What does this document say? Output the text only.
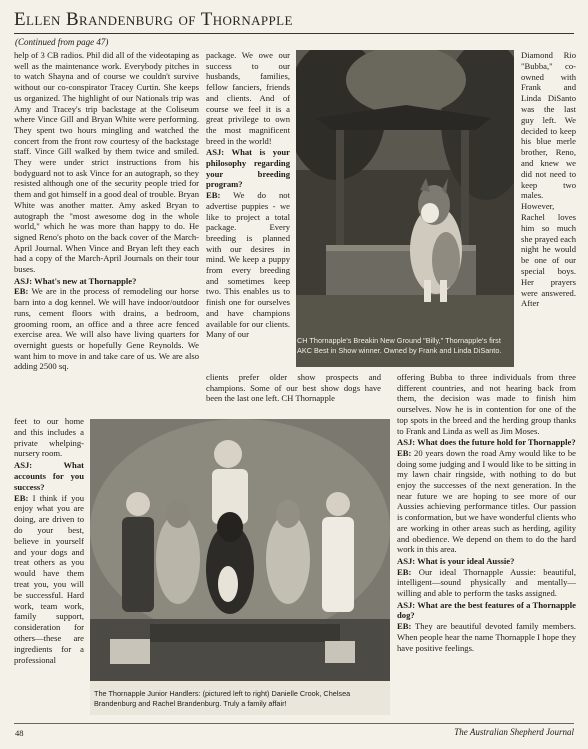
Ellen Brandenburg of Thornapple
(Continued from page 47)

help of 3 CB radios. Phil did all of the videotaping as well as the maintenance work. Everybody pitches in to watch Shayna and of course we couldn't survive without our co-conspirator Tracey Curtin. She keeps us organized. The highlight of our Nationals trip was Amy and Tracey's trip backstage at the Coliseum where Vince Gill and Bryan White were performing. They spent two hours mingling and watched the concert from the front row courtesy of the backstage staff. Vince Gill walked by them twice and smiled. They were under strict instructions from his bodyguard not to ask Vince for an autograph, so they resisted although one of the security people tried for them and got himself in a good deal of trouble. Bryan White was another matter. Amy asked Bryan to autograph the "most awesome dog in the whole world," which he was more than happy to do. He signed Reno's photo on the back cover of the March-April Journal. When Vince and Bryan left they each had a copy of the March-April Journals on their tour buses.

ASJ: What's new at Thornapple?

EB: We are in the process of remodeling our horse barn into a dog kennel. We will have indoor/outdoor runs, cement floors with drains, a bedroom, grooming room, an office and a three acre fenced exercise area. We will also have living quarters for overnight guests or hopefully Gene Reynolds. We want him to move in and take care of us. We are also adding 2500 sq.

feet to our home and this includes a private whelping-nursery room.

ASJ: What accounts for you success?

EB: I think if you enjoy what you are doing, are driven to do your best, believe in yourself and your dogs and treat others as you would have them treat you, you will be successful. Hard work, team work, family support, consideration for others—these are ingredients for a professional

package. We owe our success to our husbands, families, fellow fanciers, friends and clients. And of course we feel it is a great privilege to own the most magnificent breed in the world!

ASJ: What is your philosophy regarding your breeding program?

EB: We do not advertise puppies - we like to project a total package. Every breeding is planned with our desires in mind. We keep a puppy from every breeding and sometimes keep two. This enables us to finish one for ourselves and have champions available for our clients. Many of our

clients prefer older show prospects and champions. Some of our best show dogs have been the last one left. CH Thornapple

Diamond Rio "Bubba," co-owned with Frank and Linda DiSanto was the last guy left. We decided to keep his blue merle brother, Reno, and knew we did not need to keep two males. However, Rachel loves him so much she prayed each night he would be one of our special boys. Her prayers were answered. After

offering Bubba to three individuals from three different countries, and not hearing back from them, the decision was made to finish him ourselves. Now he is in contention for one of the top spots in the breed and the herding group thanks to Frank and Linda as well as Jim Moses.

ASJ: What does the future hold for Thornapple?

EB: 20 years down the road Amy would like to be doing some judging and I would like to be sitting in my lawn chair ringside, with nothing to do but enjoy the successes of the next generation. In the near future we are hoping to see more of our Aussies achieving performance titles. Our passion is conformation, but we have wonderful clients who are working in other areas such as herding, agility and obedience. We depend on them to do the hard work in this area.

ASJ: What is your ideal Aussie?

EB: Our ideal Thornapple Aussie: beautiful, intelligent—sound physically and mentally—willing and able to perform the tasks assigned.

ASJ: What are the best features of a Thornapple dog?

EB: They are beautiful devoted family members. When people hear the name Thornapple I hope they have positive feelings.

CH Thornapple's Breakin New Ground "Billy," Thornapple's first AKC Best in Show winner. Owned by Frank and Linda DiSanto.
The Thornapple Junior Handlers: (pictured left to right) Danielle Crook, Chelsea Brandenburg and Rachel Brandenburg. Truly a family affair!
48	The Australian Shepherd Journal
